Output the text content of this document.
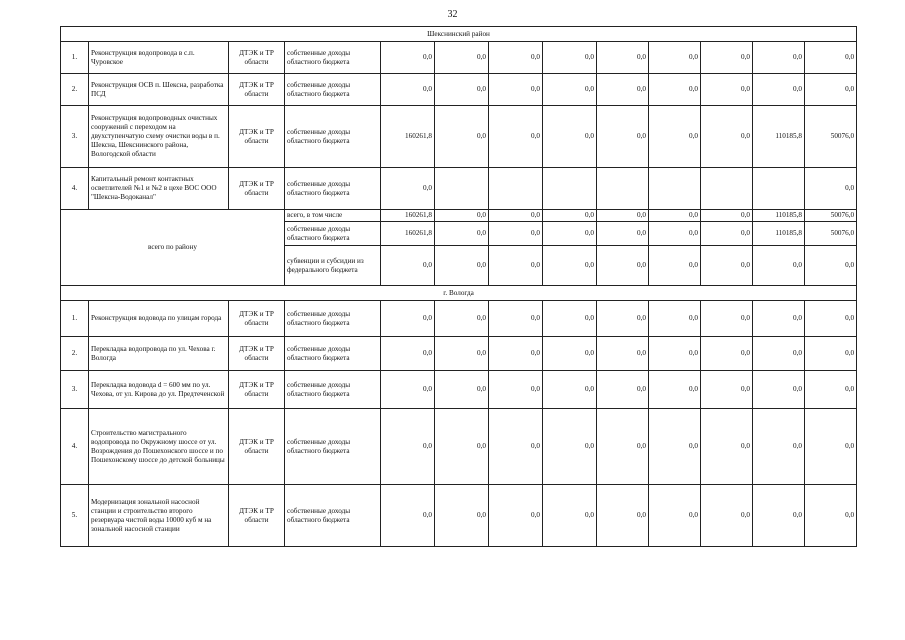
32
Шекснинский район												
1.	Реконструкция водопровода в с.п. Чуровское	ДТЭК и ТР области	собственные доходы областного бюджета	0,0	0,0	0,0	0,0	0,0	0,0	0,0	0,0	0,0
2.	Реконструкция ОСВ п. Шексна, разработка ПСД	ДТЭК и ТР области	собственные доходы областного бюджета	0,0	0,0	0,0	0,0	0,0	0,0	0,0	0,0	0,0
3.	Реконструкция водопроводных очистных сооружений с переходом на двухступенчатую схему очистки воды в п. Шексна, Шекснинского района, Вологодской области	ДТЭК и ТР области	собственные доходы областного бюджета	160261,8	0,0	0,0	0,0	0,0	0,0	0,0	110185,8	50076,0
4.	Капитальный ремонт контактных осветлителей №1 и №2 в цехе ВОС ООО "Шексна-Водоканал"	ДТЭК и ТР области	собственные доходы областного бюджета	0,0								0,0
всего по району			всего, в том числе	160261,8	0,0	0,0	0,0	0,0	0,0	0,0	110185,8	50076,0
			собственные доходы областного бюджета	160261,8	0,0	0,0	0,0	0,0	0,0	0,0	110185,8	50076,0
			субвенции и субсидии из федерального бюджета	0,0	0,0	0,0	0,0	0,0	0,0	0,0	0,0	0,0
г. Вологда												
1.	Реконструкция водовода по улицам города	ДТЭК и ТР области	собственные доходы областного бюджета	0,0	0,0	0,0	0,0	0,0	0,0	0,0	0,0	0,0
2.	Перекладка водопровода по ул. Чехова г. Вологда	ДТЭК и ТР области	собственные доходы областного бюджета	0,0	0,0	0,0	0,0	0,0	0,0	0,0	0,0	0,0
3.	Перекладка водовода d = 600 мм по ул. Чехова, от ул. Кирова до ул. Предтеченской	ДТЭК и ТР области	собственные доходы областного бюджета	0,0	0,0	0,0	0,0	0,0	0,0	0,0	0,0	0,0
4.	Строительство магистрального водопровода по Окружному шоссе от ул. Возрождения до Пошехонского шоссе и по Пошехонскому шоссе до детской больницы	ДТЭК и ТР области	собственные доходы областного бюджета	0,0	0,0	0,0	0,0	0,0	0,0	0,0	0,0	0,0
5.	Модернизация зональной насосной станции и строительство второго резервуара чистой воды 10000 куб м на зональной насосной станции	ДТЭК и ТР области	собственные доходы областного бюджета	0,0	0,0	0,0	0,0	0,0	0,0	0,0	0,0	0,0
